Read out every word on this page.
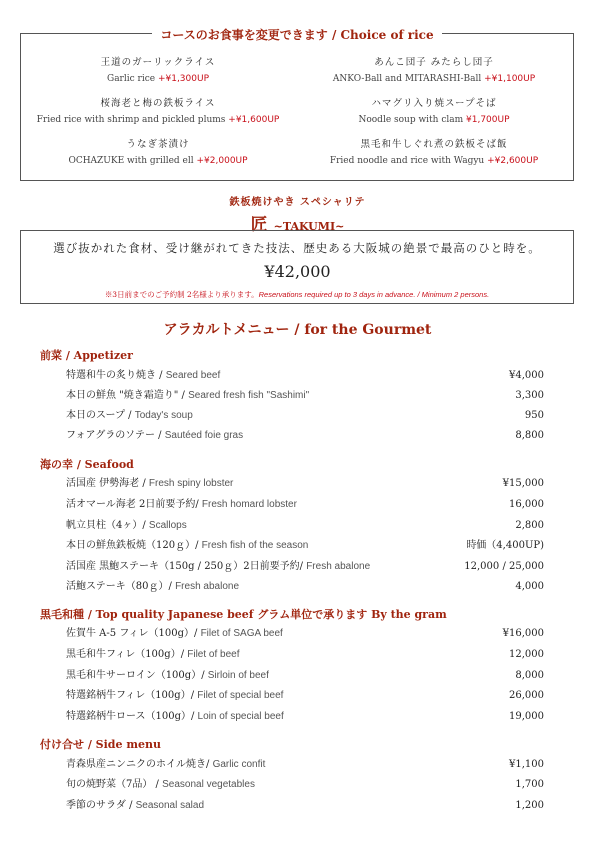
コースのお食事を変更できます / Choice of rice
王道のガーリックライス
Garlic rice +¥1,300UP
あんこ団子 みたらし団子
ANKO-Ball and MITARASHI-Ball +¥1,100UP
桜海老と梅の鉄板ライス
Fried rice with shrimp and pickled plums +¥1,600UP
ハマグリ入り焼スープそば
Noodle soup with clam ¥1,700UP
うなぎ茶漬け
OCHAZUKE with grilled ell +¥2,000UP
黒毛和牛しぐれ煮の鉄板そば飯
Fried noodle and rice with Wagyu +¥2,600UP
鉄板焼けやき スペシャリテ
匠 ~TAKUMI~
選び抜かれた食材、受け継がれてきた技法、歴史ある大阪城の絶景で最高のひと時を。
¥42,000
※3日前までのご予約制 2名様より承ります。Reservations required up to 3 days in advance. / Minimum 2 persons.
アラカルトメニュー / for the Gourmet
前菜 / Appetizer
特選和牛の炙り焼き / Seared beef	¥4,000
本日の鮮魚 "焼き霜造り" / Seared fresh fish "Sashimi"	3,300
本日のスープ / Today's soup	950
フォアグラのソテー / Sautéed foie gras	8,800
海の幸 / Seafood
活国産 伊勢海老 / Fresh spiny lobster	¥15,000
活オマール海老 2日前要予約/ Fresh homard lobster	16,000
帆立貝柱（4ヶ）/ Scallops	2,800
本日の鮮魚鉄板焼（120ｇ）/ Fresh fish of the season	時価（4,400UP)
活国産 黒鮑ステーキ（150g / 250ｇ）2日前要予約/ Fresh abalone	12,000 / 25,000
活鮑ステーキ（80ｇ）/ Fresh abalone	4,000
黒毛和種 / Top quality Japanese beef グラム単位で承ります By the gram
佐賀牛 A-5 フィレ（100g）/ Filet of SAGA beef	¥16,000
黒毛和牛フィレ（100g）/ Filet of beef	12,000
黒毛和牛サーロイン（100g）/ Sirloin of beef	8,000
特選銘柄牛フィレ（100g）/ Filet of special beef	26,000
特選銘柄牛ロース（100g）/ Loin of special beef	19,000
付け合せ / Side menu
青森県産ニンニクのホイル焼き/ Garlic confit	¥1,100
旬の焼野菜（7品） / Seasonal vegetables	1,700
季節のサラダ / Seasonal salad	1,200
